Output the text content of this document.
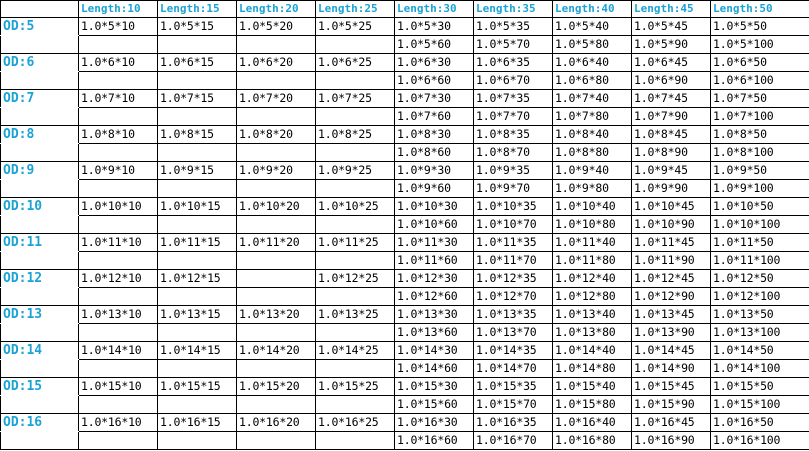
	Length:10	Length:15	Length:20	Length:25	Length:30	Length:35	Length:40	Length:45	Length:50
OD:5	1.0*5*10	1.0*5*15	1.0*5*20	1.0*5*25	1.0*5*30	1.0*5*35	1.0*5*40	1.0*5*45	1.0*5*50
					1.0*5*60	1.0*5*70	1.0*5*80	1.0*5*90	1.0*5*100
OD:6	1.0*6*10	1.0*6*15	1.0*6*20	1.0*6*25	1.0*6*30	1.0*6*35	1.0*6*40	1.0*6*45	1.0*6*50
					1.0*6*60	1.0*6*70	1.0*6*80	1.0*6*90	1.0*6*100
OD:7	1.0*7*10	1.0*7*15	1.0*7*20	1.0*7*25	1.0*7*30	1.0*7*35	1.0*7*40	1.0*7*45	1.0*7*50
					1.0*7*60	1.0*7*70	1.0*7*80	1.0*7*90	1.0*7*100
OD:8	1.0*8*10	1.0*8*15	1.0*8*20	1.0*8*25	1.0*8*30	1.0*8*35	1.0*8*40	1.0*8*45	1.0*8*50
					1.0*8*60	1.0*8*70	1.0*8*80	1.0*8*90	1.0*8*100
OD:9	1.0*9*10	1.0*9*15	1.0*9*20	1.0*9*25	1.0*9*30	1.0*9*35	1.0*9*40	1.0*9*45	1.0*9*50
					1.0*9*60	1.0*9*70	1.0*9*80	1.0*9*90	1.0*9*100
OD:10	1.0*10*10	1.0*10*15	1.0*10*20	1.0*10*25	1.0*10*30	1.0*10*35	1.0*10*40	1.0*10*45	1.0*10*50
					1.0*10*60	1.0*10*70	1.0*10*80	1.0*10*90	1.0*10*100
OD:11	1.0*11*10	1.0*11*15	1.0*11*20	1.0*11*25	1.0*11*30	1.0*11*35	1.0*11*40	1.0*11*45	1.0*11*50
					1.0*11*60	1.0*11*70	1.0*11*80	1.0*11*90	1.0*11*100
OD:12	1.0*12*10	1.0*12*15		1.0*12*25	1.0*12*30	1.0*12*35	1.0*12*40	1.0*12*45	1.0*12*50
					1.0*12*60	1.0*12*70	1.0*12*80	1.0*12*90	1.0*12*100
OD:13	1.0*13*10	1.0*13*15	1.0*13*20	1.0*13*25	1.0*13*30	1.0*13*35	1.0*13*40	1.0*13*45	1.0*13*50
					1.0*13*60	1.0*13*70	1.0*13*80	1.0*13*90	1.0*13*100
OD:14	1.0*14*10	1.0*14*15	1.0*14*20	1.0*14*25	1.0*14*30	1.0*14*35	1.0*14*40	1.0*14*45	1.0*14*50
					1.0*14*60	1.0*14*70	1.0*14*80	1.0*14*90	1.0*14*100
OD:15	1.0*15*10	1.0*15*15	1.0*15*20	1.0*15*25	1.0*15*30	1.0*15*35	1.0*15*40	1.0*15*45	1.0*15*50
					1.0*15*60	1.0*15*70	1.0*15*80	1.0*15*90	1.0*15*100
OD:16	1.0*16*10	1.0*16*15	1.0*16*20	1.0*16*25	1.0*16*30	1.0*16*35	1.0*16*40	1.0*16*45	1.0*16*50
					1.0*16*60	1.0*16*70	1.0*16*80	1.0*16*90	1.0*16*100
